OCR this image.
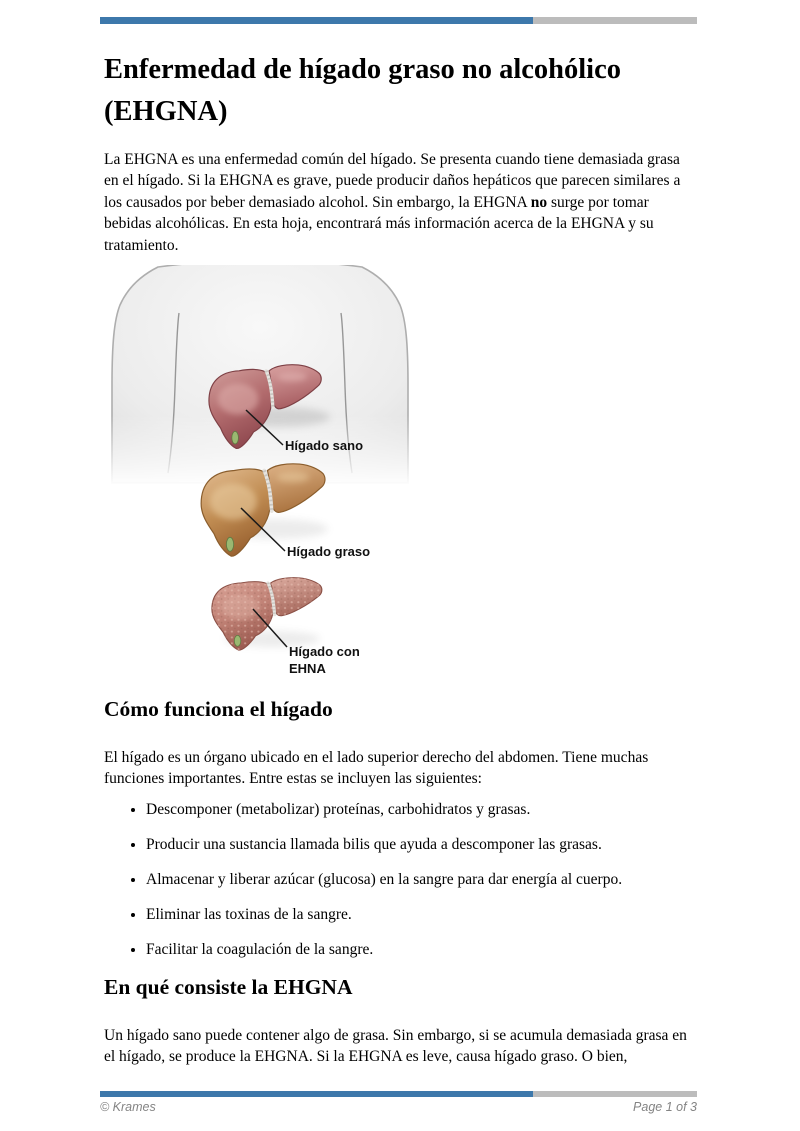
Enfermedad de hígado graso no alcohólico (EHGNA)

La EHGNA es una enfermedad común del hígado. Se presenta cuando tiene demasiada grasa en el hígado. Si la EHGNA es grave, puede producir daños hepáticos que parecen similares a los causados por beber demasiado alcohol. Sin embargo, la EHGNA no surge por tomar bebidas alcohólicas. En esta hoja, encontrará más información acerca de la EHGNA y su tratamiento.

Hígado sano
Hígado graso
Hígado con EHNA
Cómo funciona el hígado

El hígado es un órgano ubicado en el lado superior derecho del abdomen. Tiene muchas funciones importantes. Entre estas se incluyen las siguientes:

• Descomponer (metabolizar) proteínas, carbohidratos y grasas.
• Producir una sustancia llamada bilis que ayuda a descomponer las grasas.
• Almacenar y liberar azúcar (glucosa) en la sangre para dar energía al cuerpo.
• Eliminar las toxinas de la sangre.
• Facilitar la coagulación de la sangre.
En qué consiste la EHGNA

Un hígado sano puede contener algo de grasa. Sin embargo, si se acumula demasiada grasa en el hígado, se produce la EHGNA. Si la EHGNA es leve, causa hígado graso. O bien,

© Krames	Page 1 of 3
